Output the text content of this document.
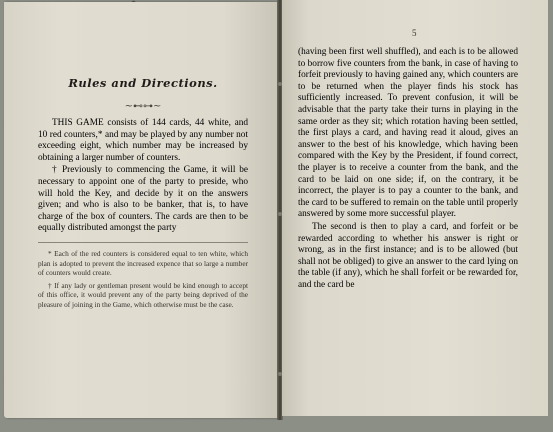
Rules and Directions.
~⊷⊶~

THIS GAME consists of 144 cards, 44 white, and 10 red counters,* and may be played by any number not exceeding eight, which number may be increased by obtaining a larger number of counters.

† Previously to commencing the Game, it will be necessary to appoint one of the party to preside, who will hold the Key, and decide by it on the answers given; and who is also to be banker, that is, to have charge of the box of counters. The cards are then to be equally distributed amongst the party

* Each of the red counters is considered equal to ten white, which plan is adopted to prevent the increased expence that so large a number of counters would create.

† If any lady or gentleman present would be kind enough to accept of this office, it would prevent any of the party being deprived of the pleasure of joining in the Game, which otherwise must be the case.

5

(having been first well shuffled), and each is to be allowed to borrow five counters from the bank, in case of having to forfeit previously to having gained any, which counters are to be returned when the player finds his stock has sufficiently increased. To prevent confusion, it will be advisable that the party take their turns in playing in the same order as they sit; which rotation having been settled, the first plays a card, and having read it aloud, gives an answer to the best of his knowledge, which having been compared with the Key by the President, if found correct, the player is to receive a counter from the bank, and the card to be laid on one side; if, on the contrary, it be incorrect, the player is to pay a counter to the bank, and the card to be suffered to remain on the table until properly answered by some more successful player.

The second is then to play a card, and forfeit or be rewarded according to whether his answer is right or wrong, as in the first instance; and is to be allowed (but shall not be obliged) to give an answer to the card lying on the table (if any), which he shall forfeit or be rewarded for, and the card be
